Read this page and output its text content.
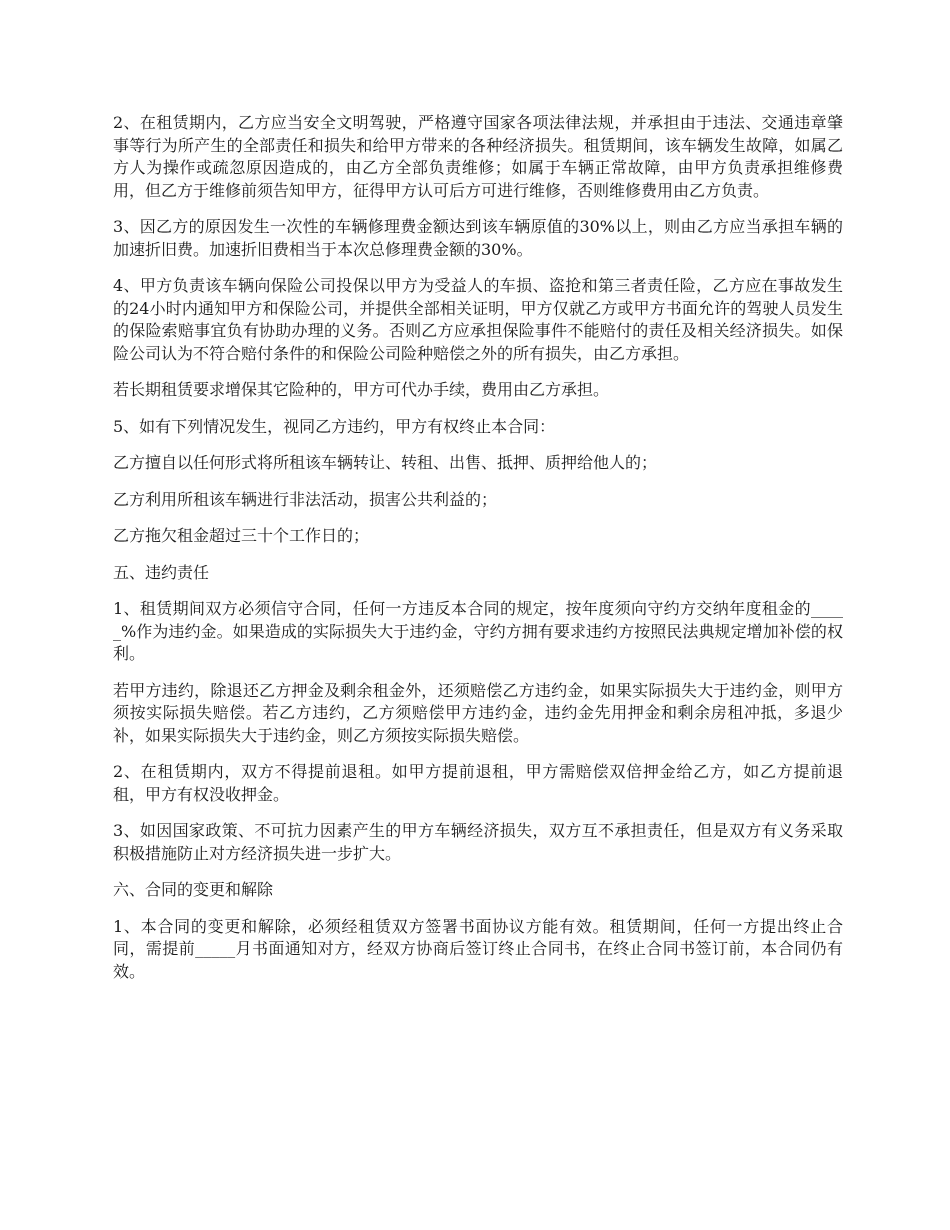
2、在租赁期内，乙方应当安全文明驾驶，严格遵守国家各项法律法规，并承担由于违法、交通违章肇事等行为所产生的全部责任和损失和给甲方带来的各种经济损失。租赁期间，该车辆发生故障，如属乙方人为操作或疏忽原因造成的，由乙方全部负责维修；如属于车辆正常故障，由甲方负责承担维修费用，但乙方于维修前须告知甲方，征得甲方认可后方可进行维修，否则维修费用由乙方负责。

3、因乙方的原因发生一次性的车辆修理费金额达到该车辆原值的30%以上，则由乙方应当承担车辆的加速折旧费。加速折旧费相当于本次总修理费金额的30%。

4、甲方负责该车辆向保险公司投保以甲方为受益人的车损、盗抢和第三者责任险，乙方应在事故发生的24小时内通知甲方和保险公司，并提供全部相关证明，甲方仅就乙方或甲方书面允许的驾驶人员发生的保险索赔事宜负有协助办理的义务。否则乙方应承担保险事件不能赔付的责任及相关经济损失。如保险公司认为不符合赔付条件的和保险公司险种赔偿之外的所有损失，由乙方承担。

若长期租赁要求增保其它险种的，甲方可代办手续，费用由乙方承担。

5、如有下列情况发生，视同乙方违约，甲方有权终止本合同：

乙方擅自以任何形式将所租该车辆转让、转租、出售、抵押、质押给他人的；

乙方利用所租该车辆进行非法活动，损害公共利益的；

乙方拖欠租金超过三十个工作日的；

五、违约责任

1、租赁期间双方必须信守合同，任何一方违反本合同的规定，按年度须向守约方交纳年度租金的_____%作为违约金。如果造成的实际损失大于违约金，守约方拥有要求违约方按照民法典规定增加补偿的权利。

若甲方违约，除退还乙方押金及剩余租金外，还须赔偿乙方违约金，如果实际损失大于违约金，则甲方须按实际损失赔偿。若乙方违约，乙方须赔偿甲方违约金，违约金先用押金和剩余房租冲抵，多退少补，如果实际损失大于违约金，则乙方须按实际损失赔偿。

2、在租赁期内，双方不得提前退租。如甲方提前退租，甲方需赔偿双倍押金给乙方，如乙方提前退租，甲方有权没收押金。

3、如因国家政策、不可抗力因素产生的甲方车辆经济损失，双方互不承担责任，但是双方有义务采取积极措施防止对方经济损失进一步扩大。

六、合同的变更和解除

1、本合同的变更和解除，必须经租赁双方签署书面协议方能有效。租赁期间，任何一方提出终止合同，需提前_____月书面通知对方，经双方协商后签订终止合同书，在终止合同书签订前，本合同仍有效。
